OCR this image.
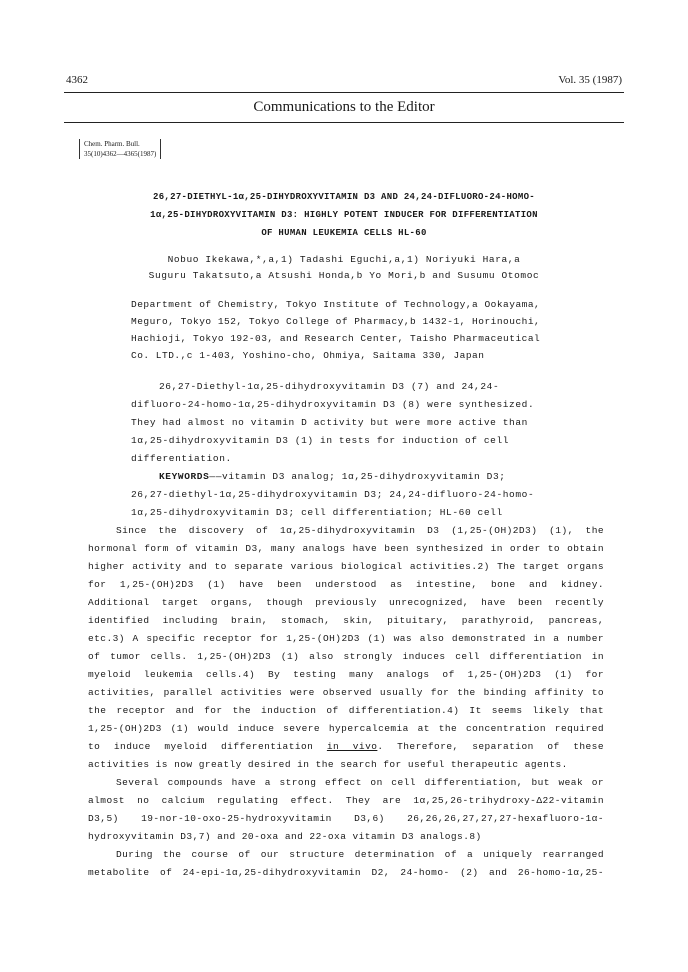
4362	Vol. 35 (1987)
Communications to the Editor
Chem. Pharm. Bull.
35(10)4362—4365(1987)
26,27-DIETHYL-1α,25-DIHYDROXYVITAMIN D3 AND 24,24-DIFLUORO-24-HOMO-
1α,25-DIHYDROXYVITAMIN D3: HIGHLY POTENT INDUCER FOR DIFFERENTIATION
OF HUMAN LEUKEMIA CELLS HL-60
Nobuo Ikekawa,*,a,1) Tadashi Eguchi,a,1) Noriyuki Hara,a
Suguru Takatsuto,a Atsushi Honda,b Yo Mori,b and Susumu Otomoc
Department of Chemistry, Tokyo Institute of Technology,a Ookayama,
Meguro, Tokyo 152, Tokyo College of Pharmacy,b 1432-1, Horinouchi,
Hachioji, Tokyo 192-03, and Research Center, Taisho Pharmaceutical
Co. LTD.,c 1-403, Yoshino-cho, Ohmiya, Saitama 330, Japan
26,27-Diethyl-1α,25-dihydroxyvitamin D3 (7) and 24,24-
difluoro-24-homo-1α,25-dihydroxyvitamin D3 (8) were synthesized.
They had almost no vitamin D activity but were more active than
1α,25-dihydroxyvitamin D3 (1) in tests for induction of cell
differentiation.
KEYWORDS——vitamin D3 analog; 1α,25-dihydroxyvitamin D3;
26,27-diethyl-1α,25-dihydroxyvitamin D3; 24,24-difluoro-24-homo-
1α,25-dihydroxyvitamin D3; cell differentiation; HL-60 cell
Since the discovery of 1α,25-dihydroxyvitamin D3 (1,25-(OH)2D3) (1), the
hormonal form of vitamin D3, many analogs have been synthesized in order to obtain
higher activity and to separate various biological activities.2) The target organs
for 1,25-(OH)2D3 (1) have been understood as intestine, bone and kidney.
Additional target organs, though previously unrecognized, have been recently
identified including brain, stomach, skin, pituitary, parathyroid, pancreas,
etc.3) A specific receptor for 1,25-(OH)2D3 (1) was also demonstrated in a number
of tumor cells. 1,25-(OH)2D3 (1) also strongly induces cell differentiation in
myeloid leukemia cells.4) By testing many analogs of 1,25-(OH)2D3 (1) for
activities, parallel activities were observed usually for the binding affinity to
the receptor and for the induction of differentiation.4) It seems likely that
1,25-(OH)2D3 (1) would induce severe hypercalcemia at the concentration required
to induce myeloid differentiation in vivo. Therefore, separation of these
activities is now greatly desired in the search for useful therapeutic agents.
Several compounds have a strong effect on cell differentiation, but weak or
almost no calcium regulating effect. They are 1α,25,26-trihydroxy-Δ22-vitamin
D3,5) 19-nor-10-oxo-25-hydroxyvitamin D3,6) 26,26,26,27,27,27-hexafluoro-1α-
hydroxyvitamin D3,7) and 20-oxa and 22-oxa vitamin D3 analogs.8)
During the course of our structure determination of a uniquely rearranged
metabolite of 24-epi-1α,25-dihydroxyvitamin D2, 24-homo- (2) and 26-homo-1α,25-
